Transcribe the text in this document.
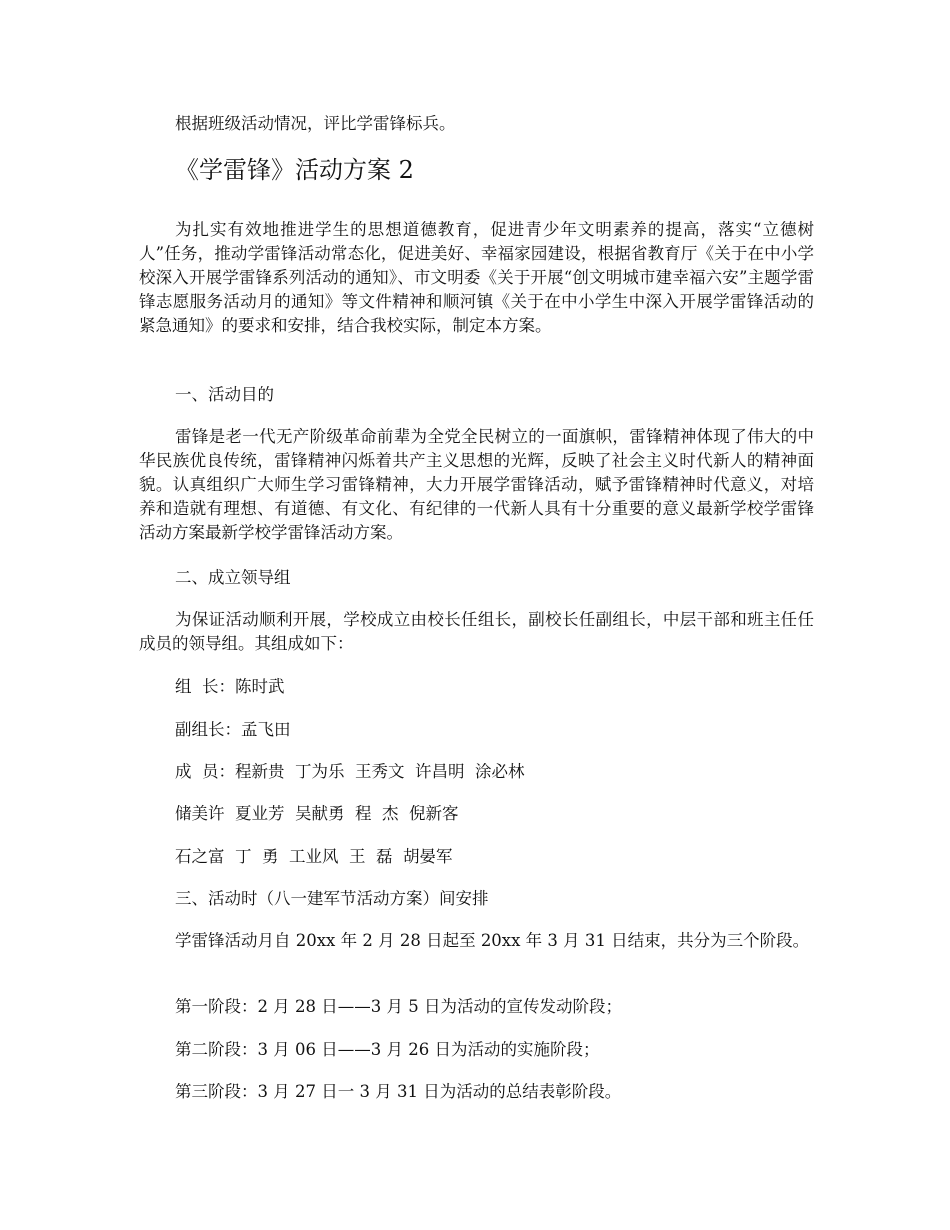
根据班级活动情况，评比学雷锋标兵。

《学雷锋》活动方案 2

为扎实有效地推进学生的思想道德教育，促进青少年文明素养的提高，落实“立德树人”任务，推动学雷锋活动常态化，促进美好、幸福家园建设，根据省教育厅《关于在中小学校深入开展学雷锋系列活动的通知》、市文明委《关于开展“创文明城市建幸福六安”主题学雷锋志愿服务活动月的通知》等文件精神和顺河镇《关于在中小学生中深入开展学雷锋活动的紧急通知》的要求和安排，结合我校实际，制定本方案。

一、活动目的

雷锋是老一代无产阶级革命前辈为全党全民树立的一面旗帜，雷锋精神体现了伟大的中华民族优良传统，雷锋精神闪烁着共产主义思想的光辉，反映了社会主义时代新人的精神面貌。认真组织广大师生学习雷锋精神，大力开展学雷锋活动，赋予雷锋精神时代意义，对培养和造就有理想、有道德、有文化、有纪律的一代新人具有十分重要的意义最新学校学雷锋活动方案最新学校学雷锋活动方案。

二、成立领导组

为保证活动顺利开展，学校成立由校长任组长，副校长任副组长，中层干部和班主任任成员的领导组。其组成如下：

组  长：陈时武

副组长：孟飞田

成  员：程新贵  丁为乐  王秀文  许昌明  涂必林

储美许  夏业芳  吴献勇  程  杰  倪新客

石之富  丁  勇  工业风  王  磊  胡晏军

三、活动时（八一建军节活动方案）间安排

学雷锋活动月自 20xx 年 2 月 28 日起至 20xx 年 3 月 31 日结束，共分为三个阶段。

第一阶段：2 月 28 日——3 月 5 日为活动的宣传发动阶段；

第二阶段：3 月 06 日——3 月 26 日为活动的实施阶段；

第三阶段：3 月 27 日一 3 月 31 日为活动的总结表彰阶段。
